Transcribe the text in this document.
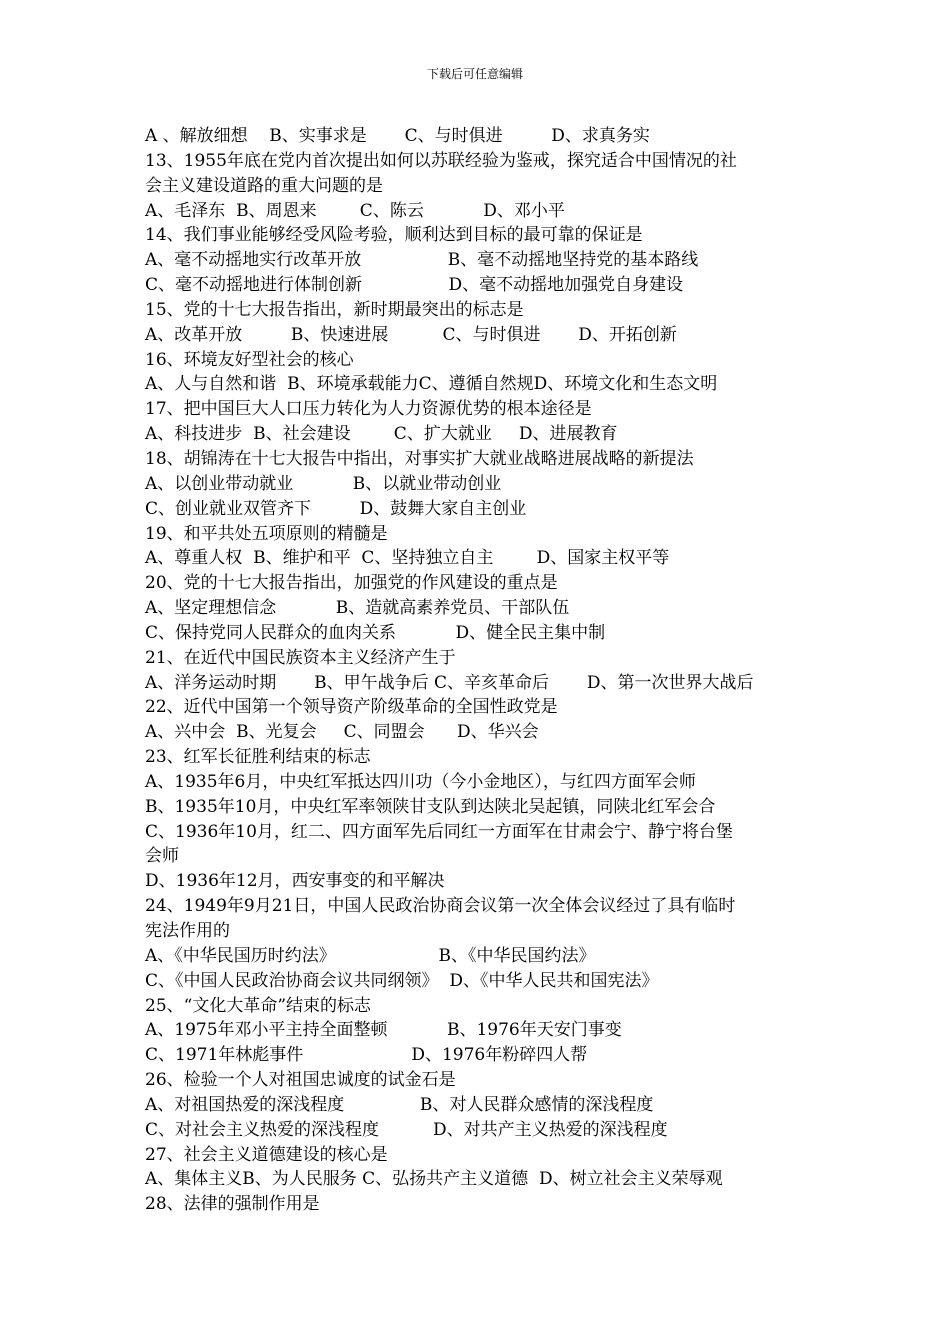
下载后可任意编辑
A 、解放细想    B、实事求是       C、与时俱进         D、求真务实
13、1955年底在党内首次提出如何以苏联经验为鉴戒，探究适合中国情况的社
会主义建设道路的重大问题的是
A、毛泽东  B、周恩来        C、陈云           D、邓小平
14、我们事业能够经受风险考验，顺利达到目标的最可靠的保证是
A、毫不动摇地实行改革开放                B、毫不动摇地坚持党的基本路线
C、毫不动摇地进行体制创新                D、毫不动摇地加强党自身建设
15、党的十七大报告指出，新时期最突出的标志是
A、改革开放         B、快速进展          C、与时俱进       D、开拓创新
16、环境友好型社会的核心
A、人与自然和谐  B、环境承载能力C、遵循自然规D、环境文化和生态文明
17、把中国巨大人口压力转化为人力资源优势的根本途径是
A、科技进步  B、社会建设        C、扩大就业     D、进展教育
18、胡锦涛在十七大报告中指出，对事实扩大就业战略进展战略的新提法
A、以创业带动就业           B、以就业带动创业
C、创业就业双管齐下         D、鼓舞大家自主创业
19、和平共处五项原则的精髓是
A、尊重人权  B、维护和平  C、坚持独立自主        D、国家主权平等
20、党的十七大报告指出，加强党的作风建设的重点是
A、坚定理想信念           B、造就高素养党员、干部队伍
C、保持党同人民群众的血肉关系           D、健全民主集中制
21、在近代中国民族资本主义经济产生于
A、洋务运动时期       B、甲午战争后 C、辛亥革命后       D、第一次世界大战后
22、近代中国第一个领导资产阶级革命的全国性政党是
A、兴中会  B、光复会     C、同盟会      D、华兴会
23、红军长征胜利结束的标志
A、1935年6月，中央红军抵达四川功（今小金地区），与红四方面军会师
B、1935年10月，中央红军率领陕甘支队到达陕北吴起镇，同陕北红军会合
C、1936年10月，红二、四方面军先后同红一方面军在甘肃会宁、静宁将台堡
会师
D、1936年12月，西安事变的和平解决
24、1949年9月21日，中国人民政治协商会议第一次全体会议经过了具有临时
宪法作用的
A、《中华民国历时约法》                   B、《中华民国约法》
C、《中国人民政治协商会议共同纲领》  D、《中华人民共和国宪法》
25、“文化大革命”结束的标志
A、1975年邓小平主持全面整顿           B、1976年天安门事变
C、1971年林彪事件                    D、1976年粉碎四人帮
26、检验一个人对祖国忠诚度的试金石是
A、对祖国热爱的深浅程度              B、对人民群众感情的深浅程度
C、对社会主义热爱的深浅程度          D、对共产主义热爱的深浅程度
27、社会主义道德建设的核心是
A、集体主义B、为人民服务 C、弘扬共产主义道德  D、树立社会主义荣辱观
28、法律的强制作用是
